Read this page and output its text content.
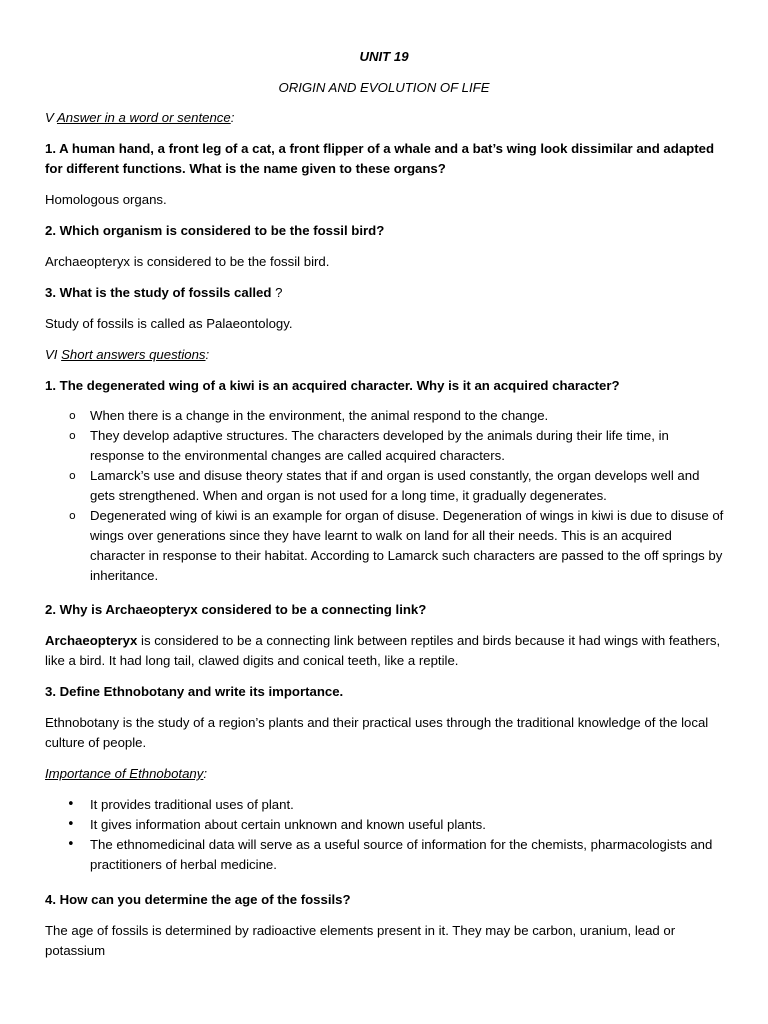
UNIT 19

ORIGIN AND EVOLUTION OF LIFE

V Answer in a word or sentence:

1. A human hand, a front leg of a cat, a front flipper of a whale and a bat’s wing look dissimilar and adapted for different functions. What is the name given to these organs?

Homologous organs.

2. Which organism is considered to be the fossil bird?

Archaeopteryx is considered to be the fossil bird.

3. What is the study of fossils called ?

Study of fossils is called as Palaeontology.

VI Short answers questions:

1. The degenerated wing of a kiwi is an acquired character. Why is it an acquired character?

o When there is a change in the environment, the animal respond to the change.
o They develop adaptive structures. The characters developed by the animals during their life time, in response to the environmental changes are called acquired characters.
o Lamarck’s use and disuse theory states that if and organ is used constantly, the organ develops well and gets strengthened. When and organ is not used for a long time, it gradually degenerates.
o Degenerated wing of kiwi is an example for organ of disuse. Degeneration of wings in kiwi is due to disuse of wings over generations since they have learnt to walk on land for all their needs. This is an acquired character in response to their habitat. According to Lamarck such characters are passed to the off springs by inheritance.

2. Why is Archaeopteryx considered to be a connecting link?

Archaeopteryx is considered to be a connecting link between reptiles and birds because it had wings with feathers, like a bird. It had long tail, clawed digits and conical teeth, like a reptile.

3. Define Ethnobotany and write its importance.

Ethnobotany is the study of a region’s plants and their practical uses through the traditional knowledge of the local culture of people.

Importance of Ethnobotany:

• It provides traditional uses of plant.
• It gives information about certain unknown and known useful plants.
• The ethnomedicinal data will serve as a useful source of information for the chemists, pharmacologists and practitioners of herbal medicine.

4. How can you determine the age of the fossils?

The age of fossils is determined by radioactive elements present in it. They may be carbon, uranium, lead or potassium
